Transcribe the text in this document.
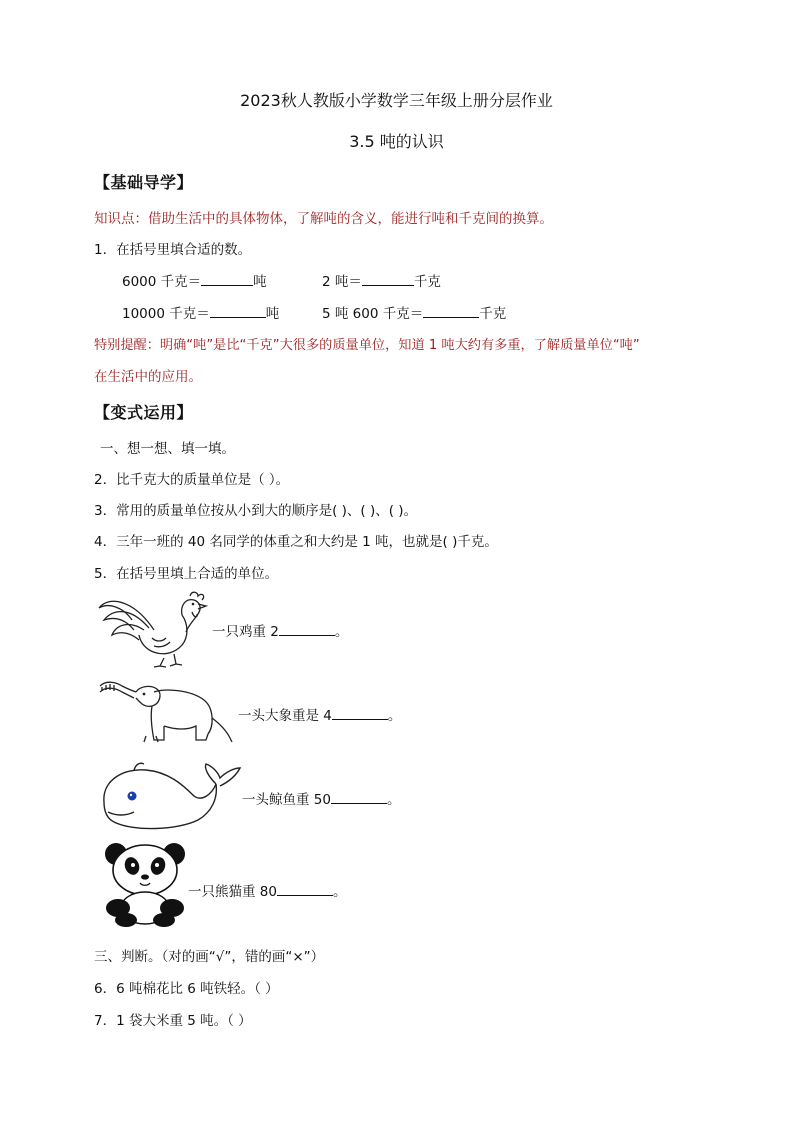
2023秋人教版小学数学三年级上册分层作业
3.5 吨的认识
【基础导学】
知识点：借助生活中的具体物体，了解吨的含义，能进行吨和千克间的换算。
1．在括号里填合适的数。
6000 千克＝	吨	2 吨＝	千克
10000 千克＝	吨	5 吨 600 千克＝	千克
特别提醒：明确“吨”是比“千克”大很多的质量单位，知道 1 吨大约有多重，了解质量单位“吨”
在生活中的应用。
【变式运用】
一、想一想、填一填。
2．比千克大的质量单位是（ ）。
3．常用的质量单位按从小到大的顺序是( )、( )、( )。
4．三年一班的 40 名同学的体重之和大约是 1 吨，也就是( )千克。
5．在括号里填上合适的单位。
一只鸡重 2	。
一头大象重是 4	。
一头鲸鱼重 50	。
一只熊猫重 80	。
三、判断。（对的画“√”，错的画“×”）
6．6 吨棉花比 6 吨铁轻。（ ）
7．1 袋大米重 5 吨。（ ）
